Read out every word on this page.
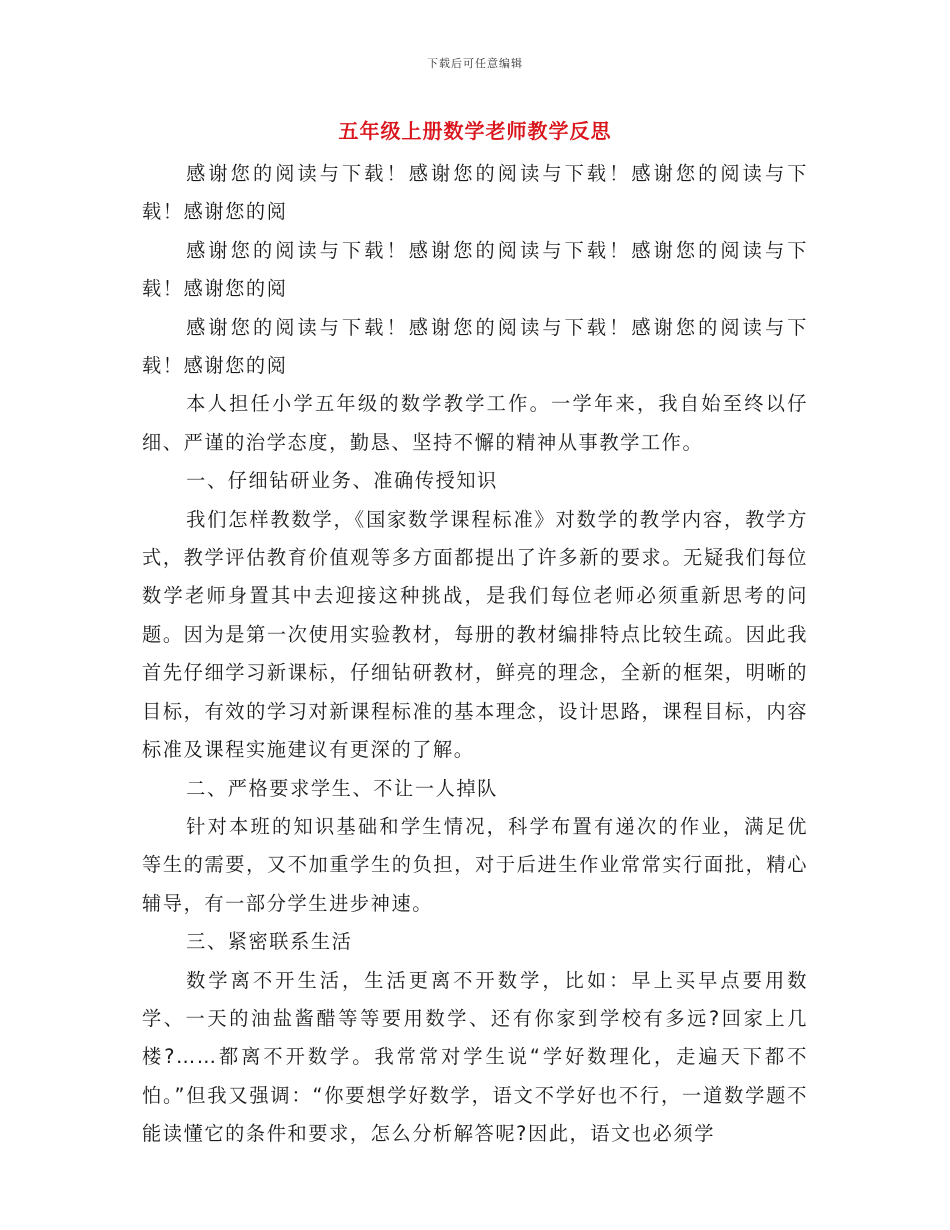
下载后可任意编辑
五年级上册数学老师教学反思

感谢您的阅读与下载！感谢您的阅读与下载！感谢您的阅读与下载！感谢您的阅

感谢您的阅读与下载！感谢您的阅读与下载！感谢您的阅读与下载！感谢您的阅

感谢您的阅读与下载！感谢您的阅读与下载！感谢您的阅读与下载！感谢您的阅

本人担任小学五年级的数学教学工作。一学年来，我自始至终以仔细、严谨的治学态度，勤恳、坚持不懈的精神从事教学工作。

一、仔细钻研业务、准确传授知识

我们怎样教数学，《国家数学课程标准》对数学的教学内容，教学方式，教学评估教育价值观等多方面都提出了许多新的要求。无疑我们每位数学老师身置其中去迎接这种挑战，是我们每位老师必须重新思考的问题。因为是第一次使用实验教材，每册的教材编排特点比较生疏。因此我首先仔细学习新课标，仔细钻研教材，鲜亮的理念，全新的框架，明晰的目标，有效的学习对新课程标准的基本理念，设计思路，课程目标，内容标准及课程实施建议有更深的了解。

二、严格要求学生、不让一人掉队

针对本班的知识基础和学生情况，科学布置有递次的作业，满足优等生的需要，又不加重学生的负担，对于后进生作业常常实行面批，精心辅导，有一部分学生进步神速。

三、紧密联系生活

数学离不开生活，生活更离不开数学，比如：早上买早点要用数学、一天的油盐酱醋等等要用数学、还有你家到学校有多远?回家上几楼?……都离不开数学。我常常对学生说“学好数理化，走遍天下都不怕。”但我又强调：“你要想学好数学，语文不学好也不行，一道数学题不能读懂它的条件和要求，怎么分析解答呢?因此，语文也必须学
